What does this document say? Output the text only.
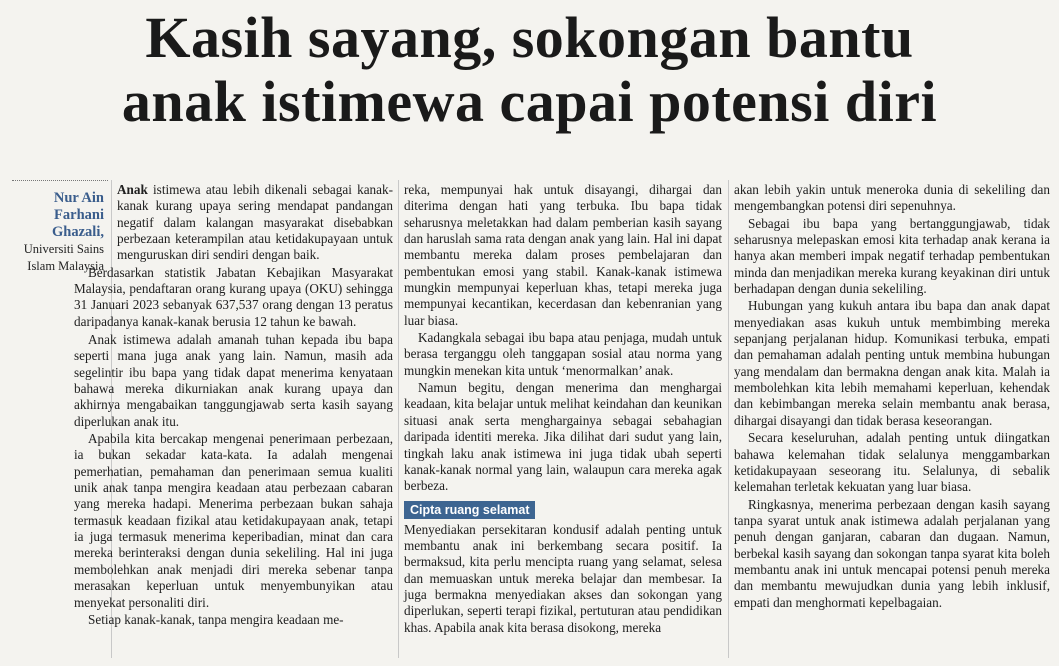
Kasih sayang, sokongan bantu
anak istimewa capai potensi diri
Nur Ain
Farhani
Ghazali,
Universiti Sains
Islam Malaysia

Anak istimewa atau lebih dikenali sebagai kanak-kanak kurang upaya sering mendapat pandangan negatif dalam kalangan masyarakat disebabkan perbezaan keterampilan atau ketidakupayaan untuk menguruskan diri sendiri dengan baik.

Berdasarkan statistik Jabatan Kebajikan Masyarakat Malaysia, pendaftaran orang kurang upaya (OKU) sehingga 31 Januari 2023 sebanyak 637,537 orang dengan 13 peratus daripadanya kanak-kanak berusia 12 tahun ke bawah.

Anak istimewa adalah amanah tuhan kepada ibu bapa seperti mana juga anak yang lain. Namun, masih ada segelintir ibu bapa yang tidak dapat menerima kenyataan bahawa mereka dikurniakan anak kurang upaya dan akhirnya mengabaikan tanggungjawab serta kasih sayang diperlukan anak itu.

Apabila kita bercakap mengenai penerimaan perbezaan, ia bukan sekadar kata-kata. Ia adalah mengenai pemerhatian, pemahaman dan penerimaan semua kualiti unik anak tanpa mengira keadaan atau perbezaan cabaran yang mereka hadapi. Menerima perbezaan bukan sahaja termasuk keadaan fizikal atau ketidakupayaan anak, tetapi ia juga termasuk menerima keperibadian, minat dan cara mereka berinteraksi dengan dunia sekeliling. Hal ini juga membolehkan anak menjadi diri mereka sebenar tanpa merasakan keperluan untuk menyembunyikan atau menyekat personaliti diri.

Setiap kanak-kanak, tanpa mengira keadaan me-

reka, mempunyai hak untuk disayangi, dihargai dan diterima dengan hati yang terbuka. Ibu bapa tidak seharusnya meletakkan had dalam pemberian kasih sayang dan haruslah sama rata dengan anak yang lain. Hal ini dapat membantu mereka dalam proses pembelajaran dan pembentukan emosi yang stabil. Kanak-kanak istimewa mungkin mempunyai keperluan khas, tetapi mereka juga mempunyai kecantikan, kecerdasan dan kebenranian yang luar biasa.

Kadangkala sebagai ibu bapa atau penjaga, mudah untuk berasa terganggu oleh tanggapan sosial atau norma yang mungkin menekan kita untuk ‘menormalkan’ anak.

Namun begitu, dengan menerima dan menghargai keadaan, kita belajar untuk melihat keindahan dan keunikan situasi anak serta menghargainya sebagai sebahagian daripada identiti mereka. Jika dilihat dari sudut yang lain, tingkah laku anak istimewa ini juga tidak ubah seperti kanak-kanak normal yang lain, walaupun cara mereka agak berbeza.

Cipta ruang selamat

Menyediakan persekitaran kondusif adalah penting untuk membantu anak ini berkembang secara positif. Ia bermaksud, kita perlu mencipta ruang yang selamat, selesa dan memuaskan untuk mereka belajar dan membesar. Ia juga bermakna menyediakan akses dan sokongan yang diperlukan, seperti terapi fizikal, pertuturan atau pendidikan khas. Apabila anak kita berasa disokong, mereka

akan lebih yakin untuk meneroka dunia di sekeliling dan mengembangkan potensi diri sepenuhnya.

Sebagai ibu bapa yang bertanggungjawab, tidak seharusnya melepaskan emosi kita terhadap anak kerana ia hanya akan memberi impak negatif terhadap pembentukan minda dan menjadikan mereka kurang keyakinan diri untuk berhadapan dengan dunia sekeliling.

Hubungan yang kukuh antara ibu bapa dan anak dapat menyediakan asas kukuh untuk membimbing mereka sepanjang perjalanan hidup. Komunikasi terbuka, empati dan pemahaman adalah penting untuk membina hubungan yang mendalam dan bermakna dengan anak kita. Malah ia membolehkan kita lebih memahami keperluan, kehendak dan kebimbangan mereka selain membantu anak berasa, dihargai disayangi dan tidak berasa keseorangan.

Secara keseluruhan, adalah penting untuk diingatkan bahawa kelemahan tidak selalunya menggambarkan ketidakupayaan seseorang itu. Selalunya, di sebalik kelemahan terletak kekuatan yang luar biasa.

Ringkasnya, menerima perbezaan dengan kasih sayang tanpa syarat untuk anak istimewa adalah perjalanan yang penuh dengan ganjaran, cabaran dan dugaan. Namun, berbekal kasih sayang dan sokongan tanpa syarat kita boleh membantu anak ini untuk mencapai potensi penuh mereka dan membantu mewujudkan dunia yang lebih inklusif, empati dan menghormati kepelbagaian.
